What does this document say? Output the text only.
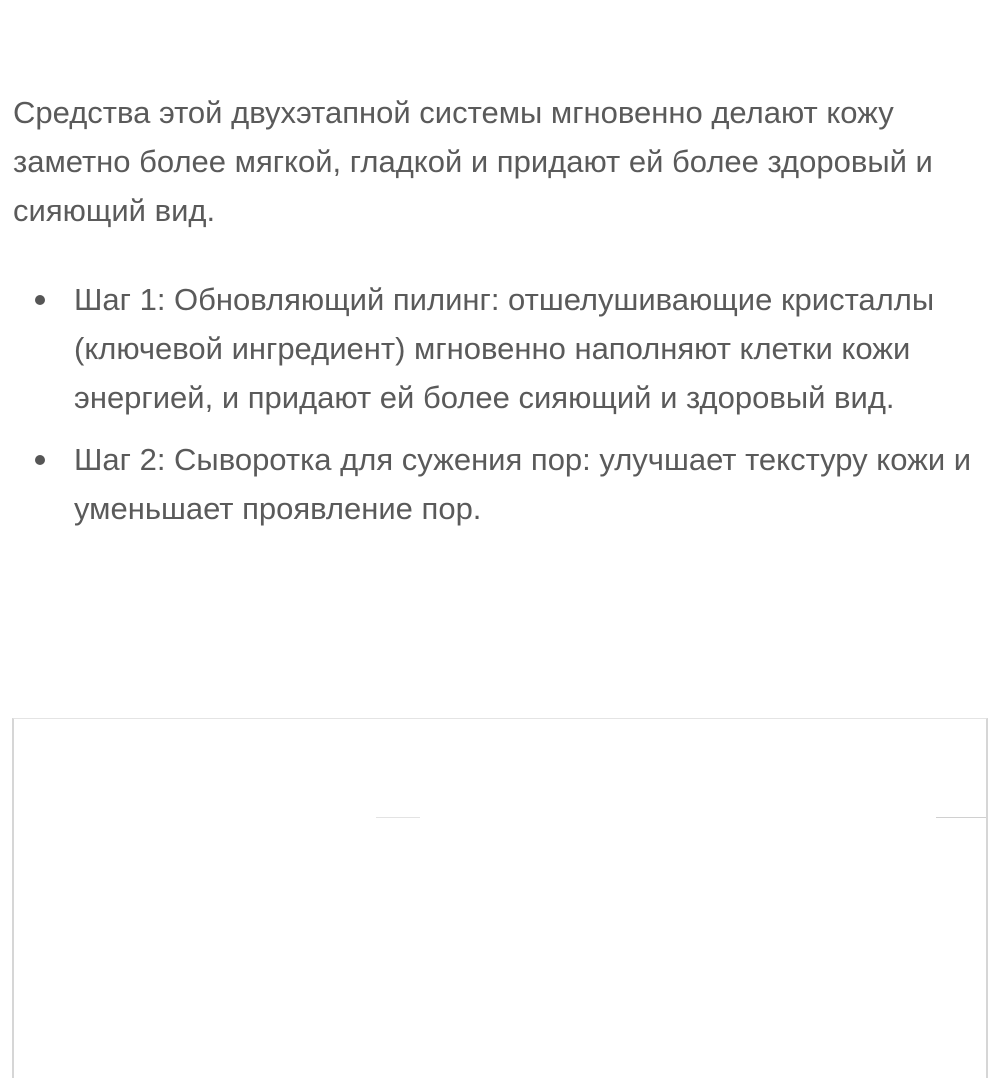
Средства этой двухэтапной системы мгновенно делают кожу заметно более мягкой, гладкой и придают ей более здоровый и сияющий вид.

Шаг 1: Обновляющий пилинг: отшелушивающие кристаллы (ключевой ингредиент) мгновенно наполняют клетки кожи энергией, и придают ей более сияющий и здоровый вид.
Шаг 2: Сыворотка для сужения пор: улучшает текстуру кожи и уменьшает проявление пор.
